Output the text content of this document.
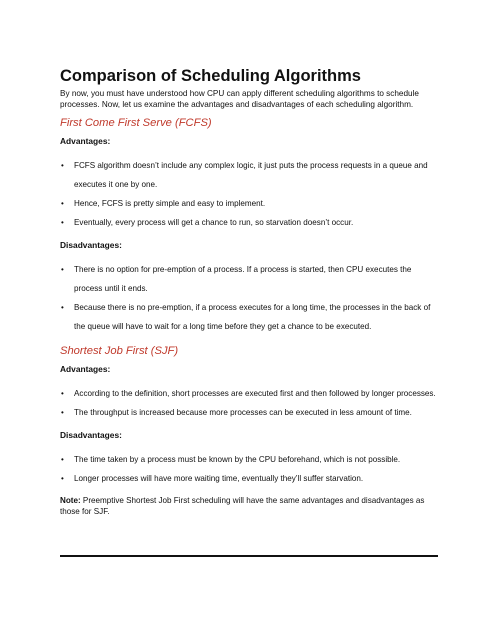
Comparison of Scheduling Algorithms

By now, you must have understood how CPU can apply different scheduling algorithms to schedule processes. Now, let us examine the advantages and disadvantages of each scheduling algorithm.

First Come First Serve (FCFS)
Advantages:
• FCFS algorithm doesn’t include any complex logic, it just puts the process requests in a queue and executes it one by one.
• Hence, FCFS is pretty simple and easy to implement.
• Eventually, every process will get a chance to run, so starvation doesn’t occur.
Disadvantages:
• There is no option for pre-emption of a process. If a process is started, then CPU executes the process until it ends.
• Because there is no pre-emption, if a process executes for a long time, the processes in the back of the queue will have to wait for a long time before they get a chance to be executed.
Shortest Job First (SJF)
Advantages:
• According to the definition, short processes are executed first and then followed by longer processes.
• The throughput is increased because more processes can be executed in less amount of time.
Disadvantages:
• The time taken by a process must be known by the CPU beforehand, which is not possible.
• Longer processes will have more waiting time, eventually they’ll suffer starvation.

Note: Preemptive Shortest Job First scheduling will have the same advantages and disadvantages as those for SJF.
